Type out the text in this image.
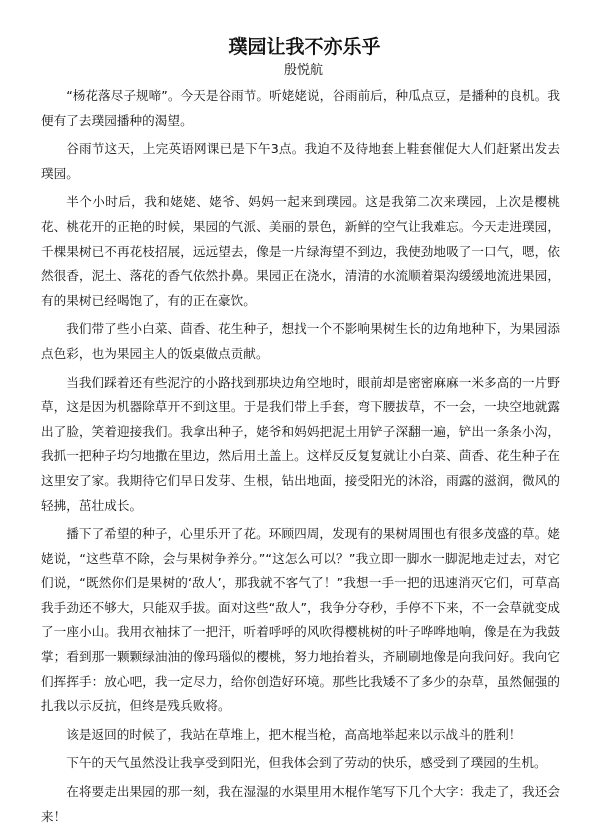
璞园让我不亦乐乎
殷悦航

“杨花落尽子规啼”。今天是谷雨节。听姥姥说，谷雨前后，种瓜点豆，是播种的良机。我便有了去璞园播种的渴望。

谷雨节这天，上完英语网课已是下午3点。我迫不及待地套上鞋套催促大人们赶紧出发去璞园。

半个小时后，我和姥姥、姥爷、妈妈一起来到璞园。这是我第二次来璞园，上次是樱桃花、桃花开的正艳的时候，果园的气派、美丽的景色，新鲜的空气让我难忘。今天走进璞园，千棵果树已不再花枝招展，远远望去，像是一片绿海望不到边，我使劲地吸了一口气，嗯，依然很香，泥土、落花的香气依然扑鼻。果园正在浇水，清清的水流顺着渠沟缓缓地流进果园，有的果树已经喝饱了，有的正在豪饮。

我们带了些小白菜、茴香、花生种子，想找一个不影响果树生长的边角地种下，为果园添点色彩，也为果园主人的饭桌做点贡献。

当我们踩着还有些泥泞的小路找到那块边角空地时，眼前却是密密麻麻一米多高的一片野草，这是因为机器除草开不到这里。于是我们带上手套，弯下腰拔草，不一会，一块空地就露出了脸，笑着迎接我们。我拿出种子，姥爷和妈妈把泥土用铲子深翻一遍，铲出一条条小沟，我抓一把种子均匀地撒在里边，然后用土盖上。这样反反复复就让小白菜、茴香、花生种子在这里安了家。我期待它们早日发芽、生根，钻出地面，接受阳光的沐浴，雨露的滋润，微风的轻拂，茁壮成长。

播下了希望的种子，心里乐开了花。环顾四周，发现有的果树周围也有很多茂盛的草。姥姥说，“这些草不除，会与果树争养分。”“这怎么可以？”我立即一脚水一脚泥地走过去，对它们说，“既然你们是果树的‘敌人’，那我就不客气了！”我想一手一把的迅速消灭它们，可草高我手劲还不够大，只能双手拔。面对这些“敌人”，我争分夺秒，手停不下来，不一会草就变成了一座小山。我用衣袖抹了一把汗，听着呼呼的风吹得樱桃树的叶子哗哗地响，像是在为我鼓掌；看到那一颗颗绿油油的像玛瑙似的樱桃，努力地抬着头，齐刷刷地像是向我问好。我向它们挥挥手：放心吧，我一定尽力，给你创造好环境。那些比我矮不了多少的杂草，虽然倔强的扎我以示反抗，但终是残兵败将。

该是返回的时候了，我站在草堆上，把木棍当枪，高高地举起来以示战斗的胜利！

下午的天气虽然没让我享受到阳光，但我体会到了劳动的快乐，感受到了璞园的生机。

在将要走出果园的那一刻，我在湿湿的水渠里用木棍作笔写下几个大字：我走了，我还会来！
